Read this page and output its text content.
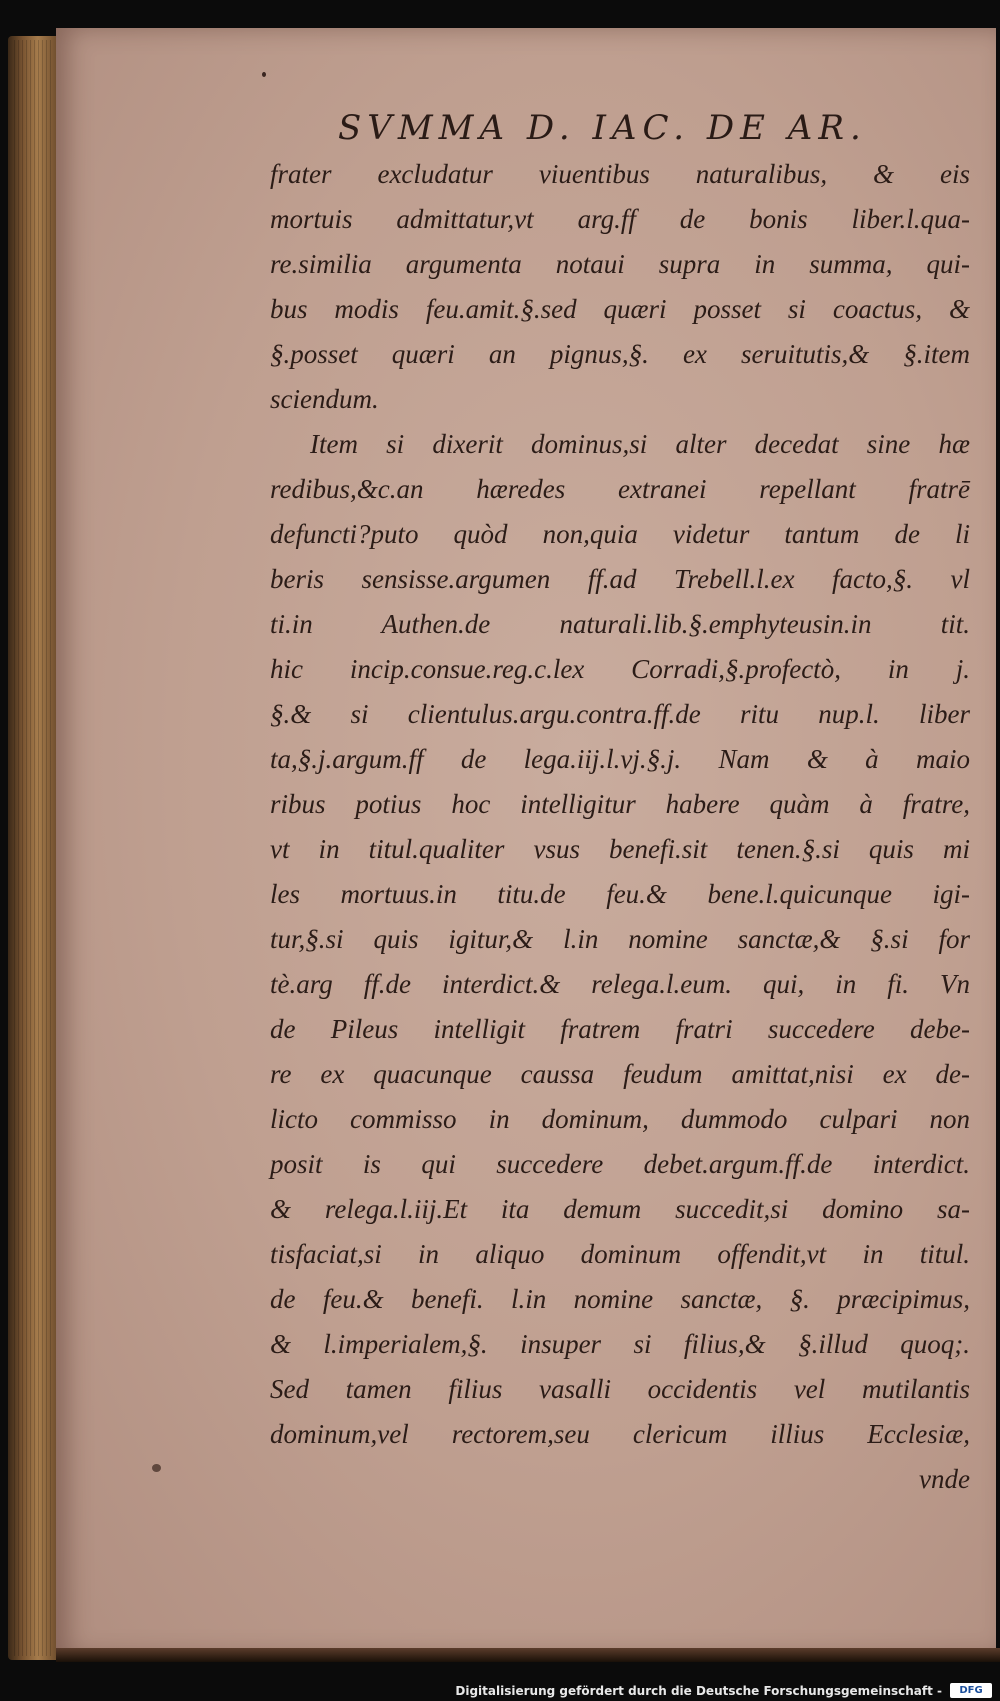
SVMMA D. IAC. DE AR.
frater excludatur viuentibus naturalibus, & eis
mortuis admittatur,vt arg.ff de bonis liber.l.qua-
re.similia argumenta notaui supra in summa, qui-
bus modis feu.amit.§.sed quæri posset si coactus, &
§.posset quæri an pignus,§. ex seruitutis,& §.item
sciendum.
Item si dixerit dominus,si alter decedat sine hæ
redibus,&c.an hæredes extranei repellant fratrē
defuncti?puto quòd non,quia videtur tantum de li
beris sensisse.argumen ff.ad Trebell.l.ex facto,§. vl
ti.in Authen.de naturali.lib.§.emphyteusin.in tit.
hic incip.consue.reg.c.lex Corradi,§.profectò, in j.
§.& si clientulus.argu.contra.ff.de ritu nup.l. liber
ta,§.j.argum.ff de lega.iij.l.vj.§.j. Nam & à maio
ribus potius hoc intelligitur habere quàm à fratre,
vt in titul.qualiter vsus benefi.sit tenen.§.si quis mi
les mortuus.in titu.de feu.& bene.l.quicunque igi-
tur,§.si quis igitur,& l.in nomine sanctæ,& §.si for
tè.arg ff.de interdict.& relega.l.eum. qui, in fi. Vn
de Pileus intelligit fratrem fratri succedere debe-
re ex quacunque caussa feudum amittat,nisi ex de-
licto commisso in dominum, dummodo culpari non
posit is qui succedere debet.argum.ff.de interdict.
& relega.l.iij.Et ita demum succedit,si domino sa-
tisfaciat,si in aliquo dominum offendit,vt in titul.
de feu.& benefi. l.in nomine sanctæ, §. præcipimus,
& l.imperialem,§. insuper si filius,& §.illud quoq;.
Sed tamen filius vasalli occidentis vel mutilantis
dominum,vel rectorem,seu clericum illius Ecclesiæ,
vnde
Digitalisierung gefördert durch die Deutsche Forschungsgemeinschaft -	DFG
